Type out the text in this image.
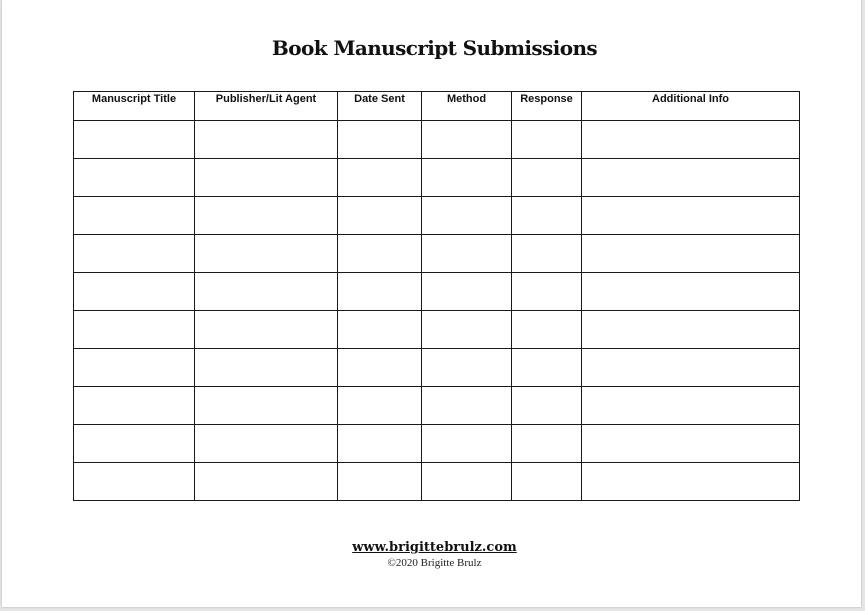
Book Manuscript Submissions
Manuscript Title	Publisher/Lit Agent	Date Sent	Method	Response	Additional Info

www.brigittebrulz.com
©2020 Brigitte Brulz
